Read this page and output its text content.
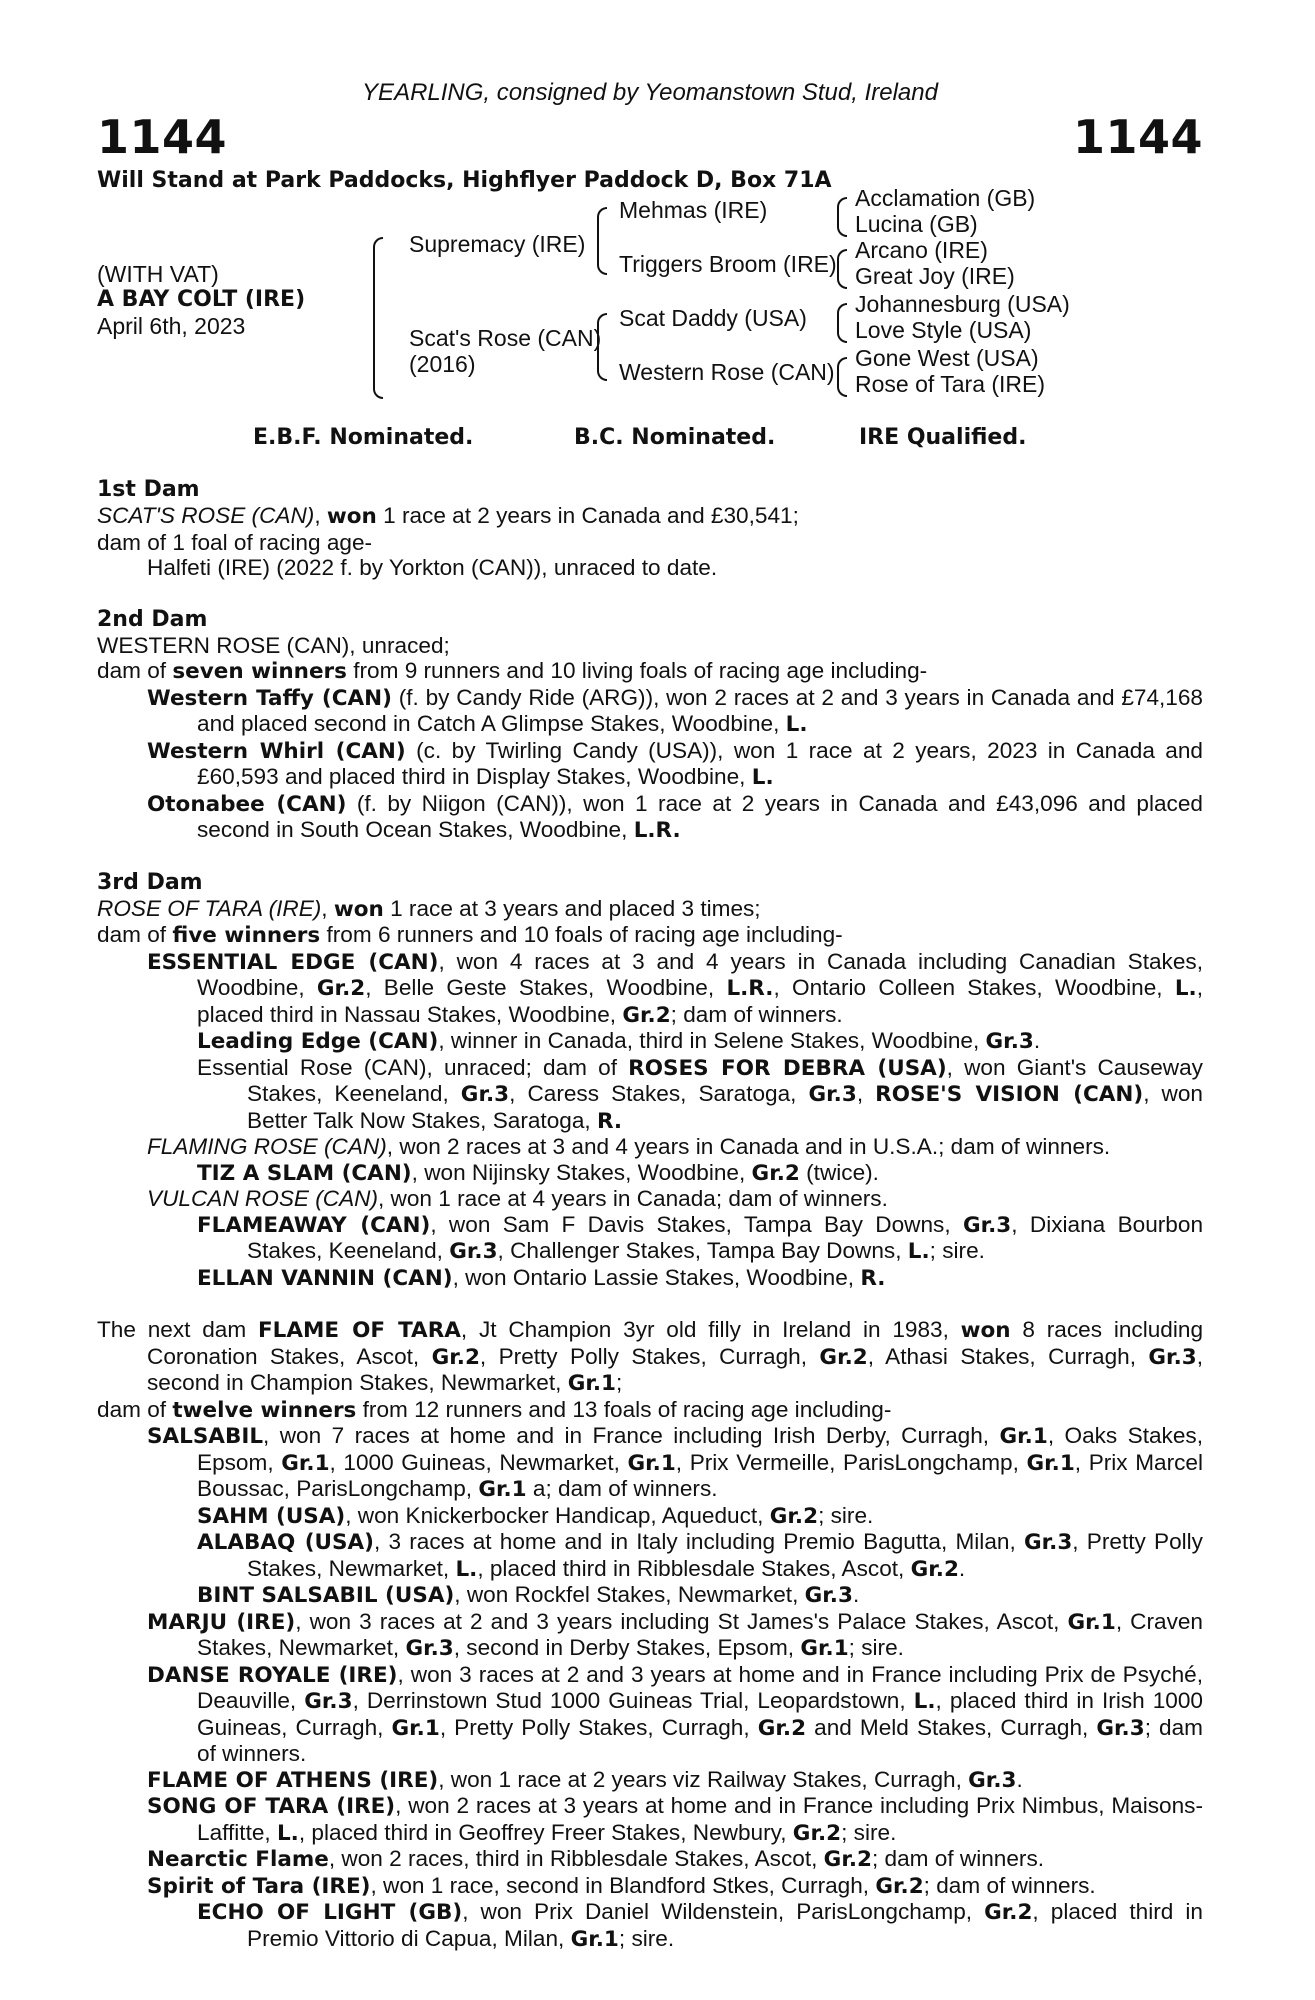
YEARLING, consigned by Yeomanstown Stud, Ireland
1144	1144
Will Stand at Park Paddocks, Highflyer Paddock D, Box 71A
(WITH VAT)
A BAY COLT (IRE)
April 6th, 2023
Supremacy (IRE)
Scat's Rose (CAN)
(2016)
Mehmas (IRE)
Triggers Broom (IRE)
Scat Daddy (USA)
Western Rose (CAN)
Acclamation (GB)
Lucina (GB)
Arcano (IRE)
Great Joy (IRE)
Johannesburg (USA)
Love Style (USA)
Gone West (USA)
Rose of Tara (IRE)
E.B.F. Nominated.	B.C. Nominated.	IRE Qualified.
1st Dam

SCAT'S ROSE (CAN), won 1 race at 2 years in Canada and £30,541;

dam of 1 foal of racing age-

Halfeti (IRE) (2022 f. by Yorkton (CAN)), unraced to date.

2nd Dam

WESTERN ROSE (CAN), unraced;

dam of seven winners from 9 runners and 10 living foals of racing age including-

Western Taffy (CAN) (f. by Candy Ride (ARG)), won 2 races at 2 and 3 years in Canada and £74,168 and placed second in Catch A Glimpse Stakes, Woodbine, L.

Western Whirl (CAN) (c. by Twirling Candy (USA)), won 1 race at 2 years, 2023 in Canada and £60,593 and placed third in Display Stakes, Woodbine, L.

Otonabee (CAN) (f. by Niigon (CAN)), won 1 race at 2 years in Canada and £43,096 and placed second in South Ocean Stakes, Woodbine, L.R.

3rd Dam

ROSE OF TARA (IRE), won 1 race at 3 years and placed 3 times;

dam of five winners from 6 runners and 10 foals of racing age including-

ESSENTIAL EDGE (CAN), won 4 races at 3 and 4 years in Canada including Canadian Stakes, Woodbine, Gr.2, Belle Geste Stakes, Woodbine, L.R., Ontario Colleen Stakes, Woodbine, L., placed third in Nassau Stakes, Woodbine, Gr.2; dam of winners.

Leading Edge (CAN), winner in Canada, third in Selene Stakes, Woodbine, Gr.3.

Essential Rose (CAN), unraced; dam of ROSES FOR DEBRA (USA), won Giant's Causeway Stakes, Keeneland, Gr.3, Caress Stakes, Saratoga, Gr.3, ROSE'S VISION (CAN), won Better Talk Now Stakes, Saratoga, R.

FLAMING ROSE (CAN), won 2 races at 3 and 4 years in Canada and in U.S.A.; dam of winners.

TIZ A SLAM (CAN), won Nijinsky Stakes, Woodbine, Gr.2 (twice).

VULCAN ROSE (CAN), won 1 race at 4 years in Canada; dam of winners.

FLAMEAWAY (CAN), won Sam F Davis Stakes, Tampa Bay Downs, Gr.3, Dixiana Bourbon Stakes, Keeneland, Gr.3, Challenger Stakes, Tampa Bay Downs, L.; sire.

ELLAN VANNIN (CAN), won Ontario Lassie Stakes, Woodbine, R.

The next dam FLAME OF TARA, Jt Champion 3yr old filly in Ireland in 1983, won 8 races including Coronation Stakes, Ascot, Gr.2, Pretty Polly Stakes, Curragh, Gr.2, Athasi Stakes, Curragh, Gr.3, second in Champion Stakes, Newmarket, Gr.1;

dam of twelve winners from 12 runners and 13 foals of racing age including-

SALSABIL, won 7 races at home and in France including Irish Derby, Curragh, Gr.1, Oaks Stakes, Epsom, Gr.1, 1000 Guineas, Newmarket, Gr.1, Prix Vermeille, ParisLongchamp, Gr.1, Prix Marcel Boussac, ParisLongchamp, Gr.1 a; dam of winners.

SAHM (USA), won Knickerbocker Handicap, Aqueduct, Gr.2; sire.

ALABAQ (USA), 3 races at home and in Italy including Premio Bagutta, Milan, Gr.3, Pretty Polly Stakes, Newmarket, L., placed third in Ribblesdale Stakes, Ascot, Gr.2.

BINT SALSABIL (USA), won Rockfel Stakes, Newmarket, Gr.3.

MARJU (IRE), won 3 races at 2 and 3 years including St James's Palace Stakes, Ascot, Gr.1, Craven Stakes, Newmarket, Gr.3, second in Derby Stakes, Epsom, Gr.1; sire.

DANSE ROYALE (IRE), won 3 races at 2 and 3 years at home and in France including Prix de Psyché, Deauville, Gr.3, Derrinstown Stud 1000 Guineas Trial, Leopardstown, L., placed third in Irish 1000 Guineas, Curragh, Gr.1, Pretty Polly Stakes, Curragh, Gr.2 and Meld Stakes, Curragh, Gr.3; dam of winners.

FLAME OF ATHENS (IRE), won 1 race at 2 years viz Railway Stakes, Curragh, Gr.3.

SONG OF TARA (IRE), won 2 races at 3 years at home and in France including Prix Nimbus, Maisons-Laffitte, L., placed third in Geoffrey Freer Stakes, Newbury, Gr.2; sire.

Nearctic Flame, won 2 races, third in Ribblesdale Stakes, Ascot, Gr.2; dam of winners.

Spirit of Tara (IRE), won 1 race, second in Blandford Stkes, Curragh, Gr.2; dam of winners.

ECHO OF LIGHT (GB), won Prix Daniel Wildenstein, ParisLongchamp, Gr.2, placed third in Premio Vittorio di Capua, Milan, Gr.1; sire.
